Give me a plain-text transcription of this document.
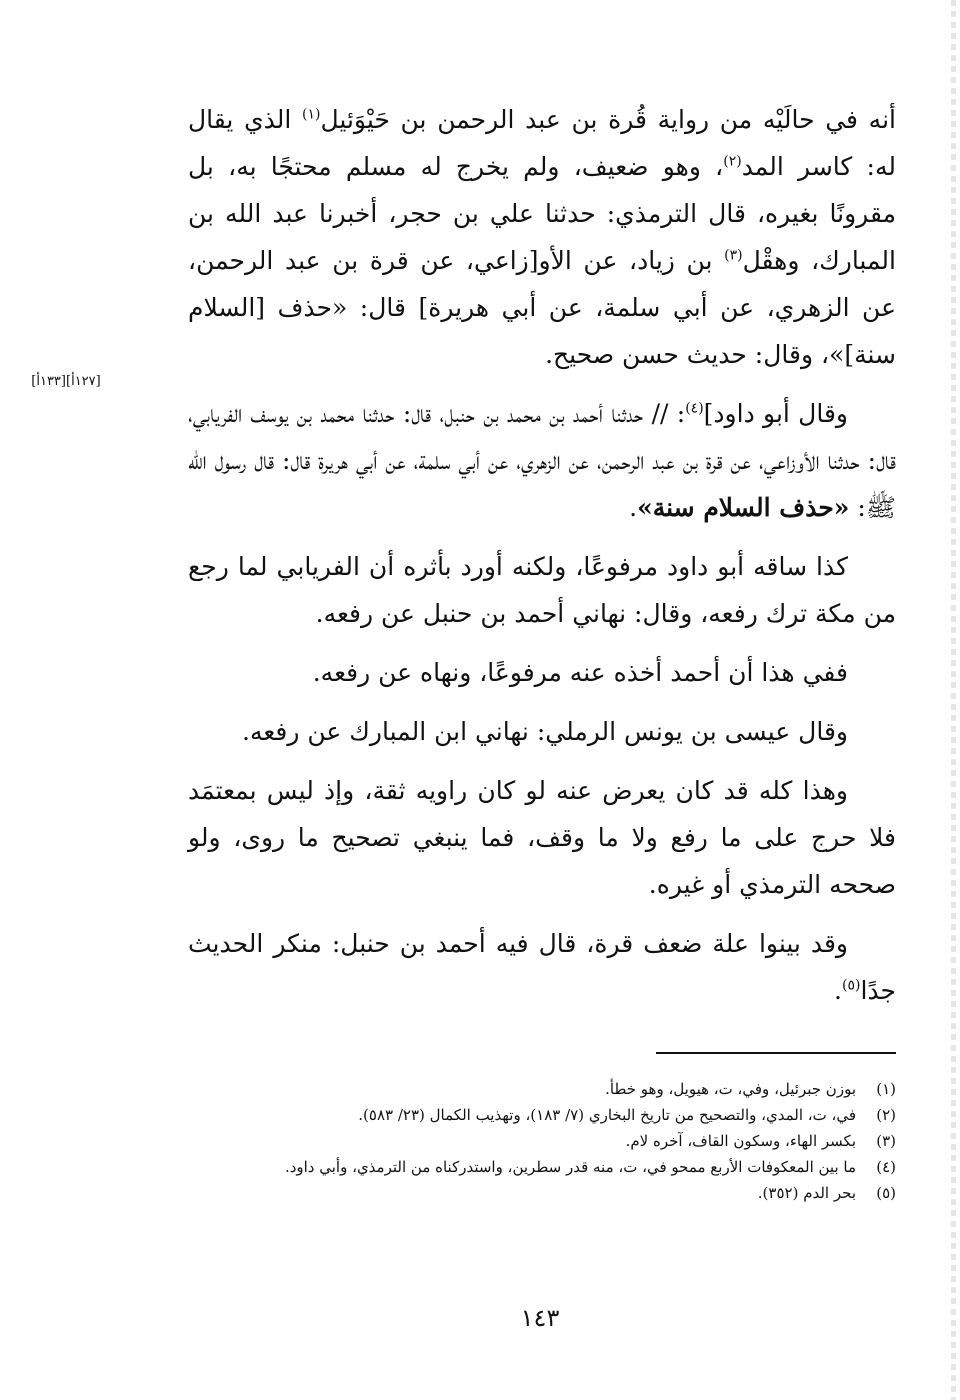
أنه في حالَيْه من رواية قُرة بن عبد الرحمن بن حَيْوَئيل$^{(١)}$ الذي يقال له: كاسر المد$^{(٢)}$، وهو ضعيف، ولم يخرج له مسلم محتجًا به، بل مقرونًا بغيره، قال الترمذي: حدثنا علي بن حجر، أخبرنا عبد الله بن المبارك، وهقْل$^{(٣)}$ بن زياد، عن الأو[زاعي، عن قرة بن عبد الرحمن، عن الزهري، عن أبي سلمة، عن أبي هريرة] قال: «حذف [السلام سنة]»، وقال: حديث حسن صحيح.

وقال أبو داود]$^{(٤)}$: // حدثنا أحمد بن محمد بن حنبل، قال: حدثنا محمد بن يوسف الفريابي، قال: حدثنا الأوزاعي، عن قرة بن عبد الرحمن، عن الزهري، عن أبي سلمة، عن أبي هريرة قال: قال رسول الله ﷺ: «حذف السلام سنة».

كذا ساقه أبو داود مرفوعًا، ولكنه أورد بأثره أن الفريابي لما رجع من مكة ترك رفعه، وقال: نهاني أحمد بن حنبل عن رفعه.

ففي هذا أن أحمد أخذه عنه مرفوعًا، ونهاه عن رفعه.

وقال عيسى بن يونس الرملي: نهاني ابن المبارك عن رفعه.

وهذا كله قد كان يعرض عنه لو كان راويه ثقة، وإذ ليس بمعتمَد فلا حرج على ما رفع ولا ما وقف، فما ينبغي تصحيح ما روى، ولو صححه الترمذي أو غيره.

وقد بينوا علة ضعف قرة، قال فيه أحمد بن حنبل: منكر الحديث جدًا$^{(٥)}$.

[١٢٧أ][١٣٣أ]
(١)
بوزن جبرئيل، وفي، ت، هيويل، وهو خطأ.
(٢)
في، ت، المدي، والتصحيح من تاريخ البخاري (٧/ ١٨٣)، وتهذيب الكمال (٢٣/ ٥٨٣).
(٣)
بكسر الهاء، وسكون القاف، آخره لام.
(٤)
ما بين المعكوفات الأربع ممحو في، ت، منه قدر سطرين، واستدركناه من الترمذي، وأبي داود.
(٥)
بحر الدم (٣٥٢).
١٤٣
